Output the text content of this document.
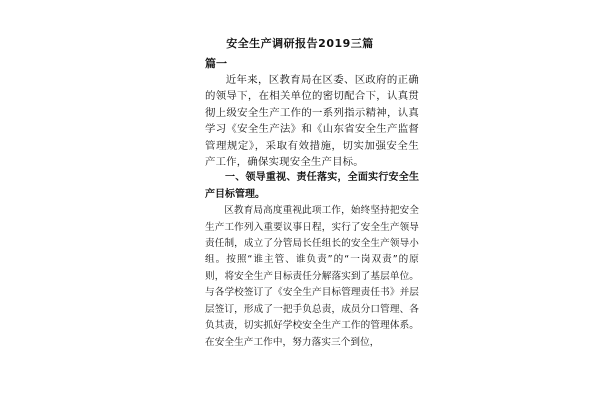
安全生产调研报告2019三篇
篇一

近年来，区教育局在区委、区政府的正确的领导下，在相关单位的密切配合下，认真贯彻上级安全生产工作的一系列指示精神，认真学习《安全生产法》和《山东省安全生产监督管理规定》，采取有效措施，切实加强安全生产工作，确保实现安全生产目标。

一、领导重视、责任落实，全面实行安全生产目标管理。

区教育局高度重视此项工作，始终坚持把安全生产工作列入重要议事日程，实行了安全生产领导责任制，成立了分管局长任组长的安全生产领导小组。按照“谁主管、谁负责”的“一岗双责”的原则，将安全生产目标责任分解落实到了基层单位。与各学校签订了《安全生产目标管理责任书》并层层签订，形成了一把手负总责，成员分口管理、各负其责，切实抓好学校安全生产工作的管理体系。在安全生产工作中，努力落实三个到位，
